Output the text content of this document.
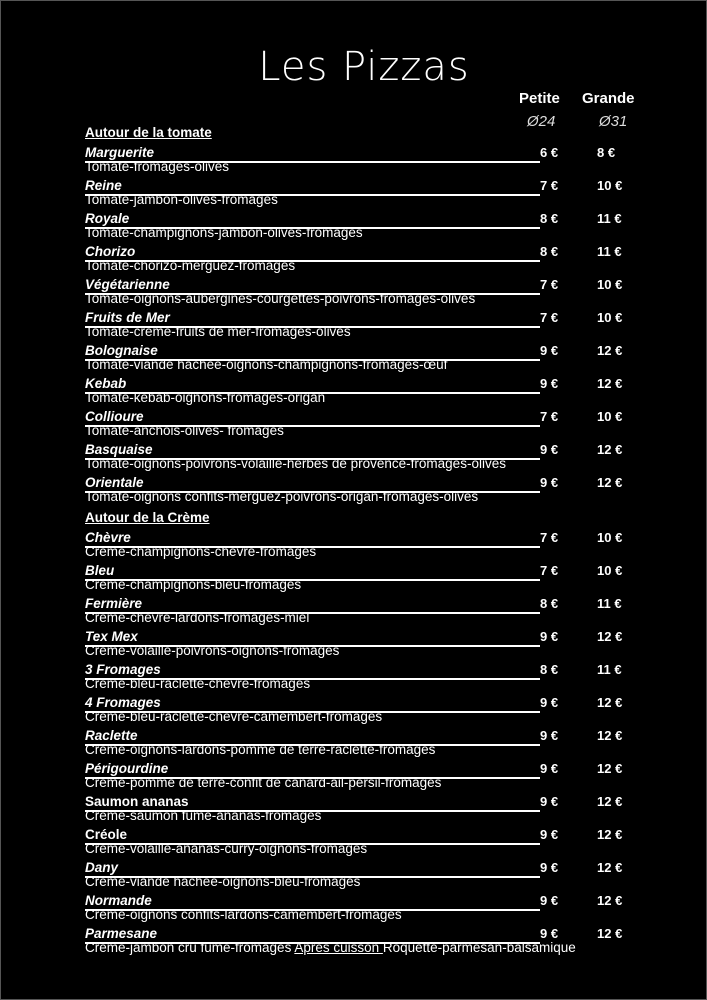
Les Pizzas
Petite Grande
Ø24	Ø31
Autour de la tomate
Marguerite	6 €	8 €
Tomate-fromages-olives
Reine	7 €	10 €
Tomate-jambon-olives-fromages
Royale	8 €	11 €
Tomate-champignons-jambon-olives-fromages
Chorizo	8 €	11 €
Tomate-chorizo-merguez-fromages
Végétarienne	7 €	10 €
Tomate-oignons-aubergines-courgettes-poivrons-fromages-olives
Fruits de Mer	7 €	10 €
Tomate-crème-fruits de mer-fromages-olives
Bolognaise	9 €	12 €
Tomate-viande hachée-oignons-champignons-fromages-œuf
Kebab	9 €	12 €
Tomate-kebab-oignons-fromages-origan
Collioure	7 €	10 €
Tomate-anchois-olives- fromages
Basquaise	9 €	12 €
Tomate-oignons-poivrons-volaille-herbes de provence-fromages-olives
Orientale	9 €	12 €
Tomate-oignons confits-merguez-poivrons-origan-fromages-olives
Autour de la Crème
Chèvre	7 €	10 €
Crème-champignons-chèvre-fromages
Bleu	7 €	10 €
Crème-champignons-bleu-fromages
Fermière	8 €	11 €
Crème-chèvre-lardons-fromages-miel
Tex Mex	9 €	12 €
Crème-volaille-poivrons-oignons-fromages
3 Fromages	8 €	11 €
Crème-bleu-raclette-chèvre-fromages
4 Fromages	9 €	12 €
Crème-bleu-raclette-chèvre-camembert-fromages
Raclette	9 €	12 €
Crème-oignons-lardons-pomme de terre-raclette-fromages
Périgourdine	9 €	12 €
Crème-pomme de terre-confit de canard-ail-persil-fromages
Saumon ananas	9 €	12 €
Crème-saumon fumé-ananas-fromages
Créole	9 €	12 €
Crème-volaille-ananas-curry-oignons-fromages
Dany	9 €	12 €
Crème-viande hachée-oignons-bleu-fromages
Normande	9 €	12 €
Crème-oignons confits-lardons-camembert-fromages
Parmesane	9 €	12 €
Crème-jambon cru fumé-fromages Après cuisson Roquette-parmesan-balsamique
